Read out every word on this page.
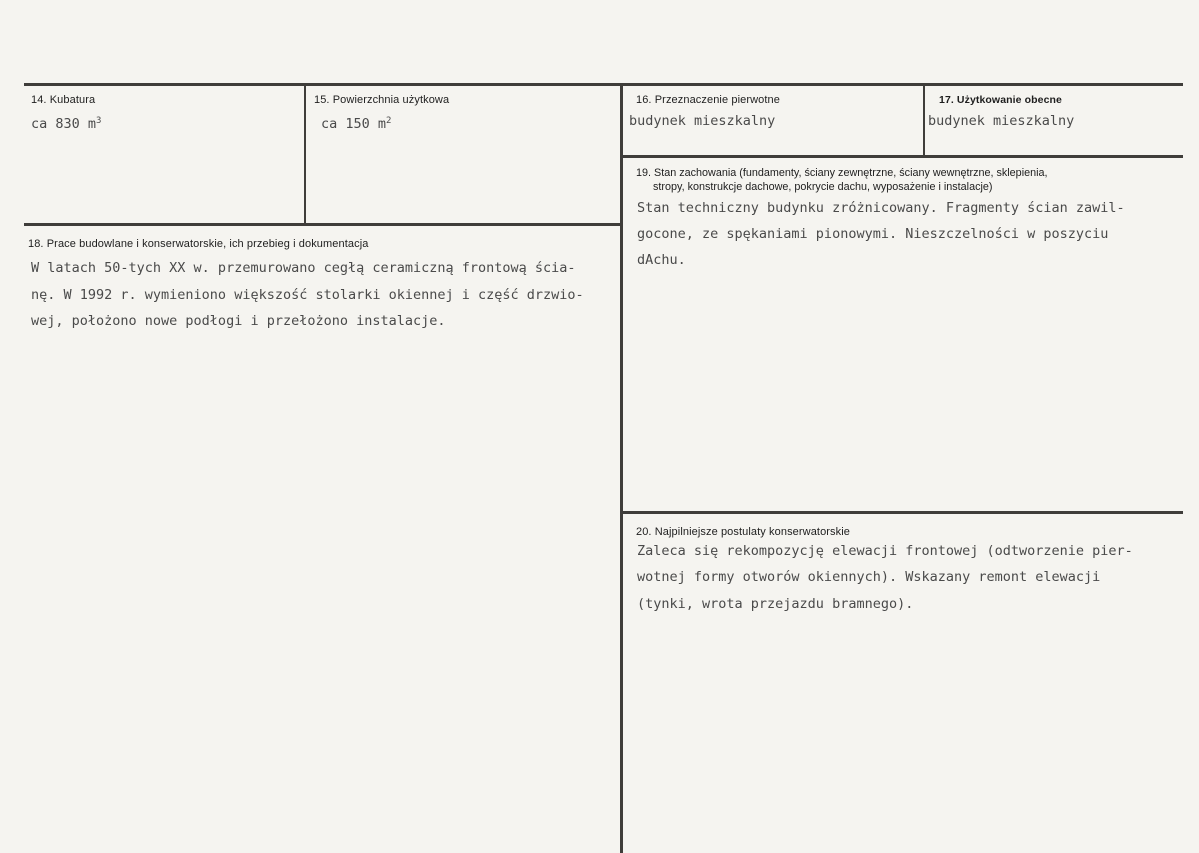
14. Kubatura
ca 830 $m^3$
15. Powierzchnia użytkowa
ca 150 $m^2$
16. Przeznaczenie pierwotne
budynek mieszkalny
17. Użytkowanie obecne
budynek mieszkalny
19. Stan zachowania (fundamenty, ściany zewnętrzne, ściany wewnętrzne, sklepienia,
stropy, konstrukcje dachowe, pokrycie dachu, wyposażenie i instalacje)
Stan techniczny budynku zróżnicowany. Fragmenty ścian zawil-
gocone, ze spękaniami pionowymi. Nieszczelności w poszyciu
dAchu.
18. Prace budowlane i konserwatorskie, ich przebieg i dokumentacja
W latach 50-tych XX w. przemurowano cegłą ceramiczną frontową ścia-
nę. W 1992 r. wymieniono większość stolarki okiennej i część drzwio-
wej, położono nowe podłogi i przełożono instalacje.
20. Najpilniejsze postulaty konserwatorskie
Zaleca się rekompozycję elewacji frontowej (odtworzenie pier-
wotnej formy otworów okiennych). Wskazany remont elewacji
(tynki, wrota przejazdu bramnego).
